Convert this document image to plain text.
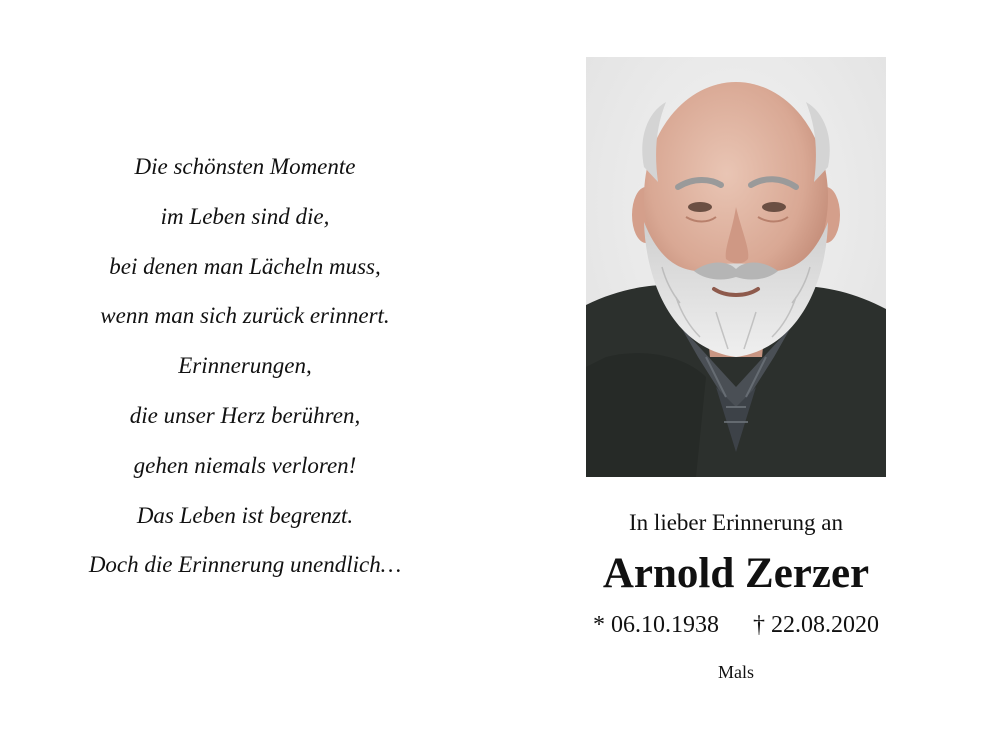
Die schönsten Momente
im Leben sind die,
bei denen man Lächeln muss,
wenn man sich zurück erinnert.
Erinnerungen,
die unser Herz berühren,
gehen niemals verloren!
Das Leben ist begrenzt.
Doch die Erinnerung unendlich…
In lieber Erinnerung an
Arnold Zerzer
* 06.10.1938 † 22.08.2020
Mals
